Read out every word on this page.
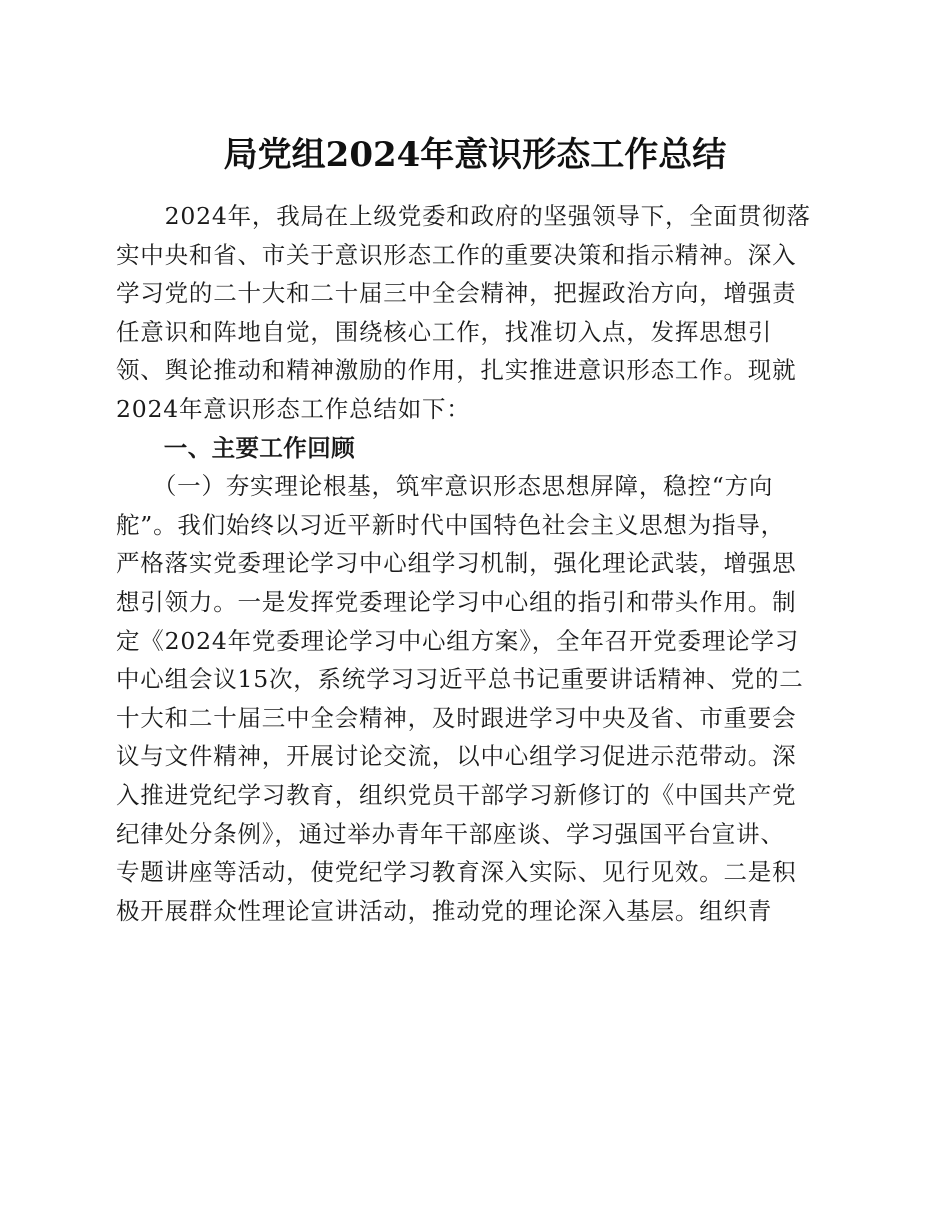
局党组2024年意识形态工作总结
　　2024年，我局在上级党委和政府的坚强领导下，全面贯彻落
实中央和省、市关于意识形态工作的重要决策和指示精神。深入
学习党的二十大和二十届三中全会精神，把握政治方向，增强责
任意识和阵地自觉，围绕核心工作，找准切入点，发挥思想引
领、舆论推动和精神激励的作用，扎实推进意识形态工作。现就
2024年意识形态工作总结如下：
　　一、主要工作回顾
　　（一）夯实理论根基，筑牢意识形态思想屏障，稳控“方向
舵”。我们始终以习近平新时代中国特色社会主义思想为指导，
严格落实党委理论学习中心组学习机制，强化理论武装，增强思
想引领力。一是发挥党委理论学习中心组的指引和带头作用。制
定《2024年党委理论学习中心组方案》，全年召开党委理论学习
中心组会议15次，系统学习习近平总书记重要讲话精神、党的二
十大和二十届三中全会精神，及时跟进学习中央及省、市重要会
议与文件精神，开展讨论交流，以中心组学习促进示范带动。深
入推进党纪学习教育，组织党员干部学习新修订的《中国共产党
纪律处分条例》，通过举办青年干部座谈、学习强国平台宣讲、
专题讲座等活动，使党纪学习教育深入实际、见行见效。二是积
极开展群众性理论宣讲活动，推动党的理论深入基层。组织青
